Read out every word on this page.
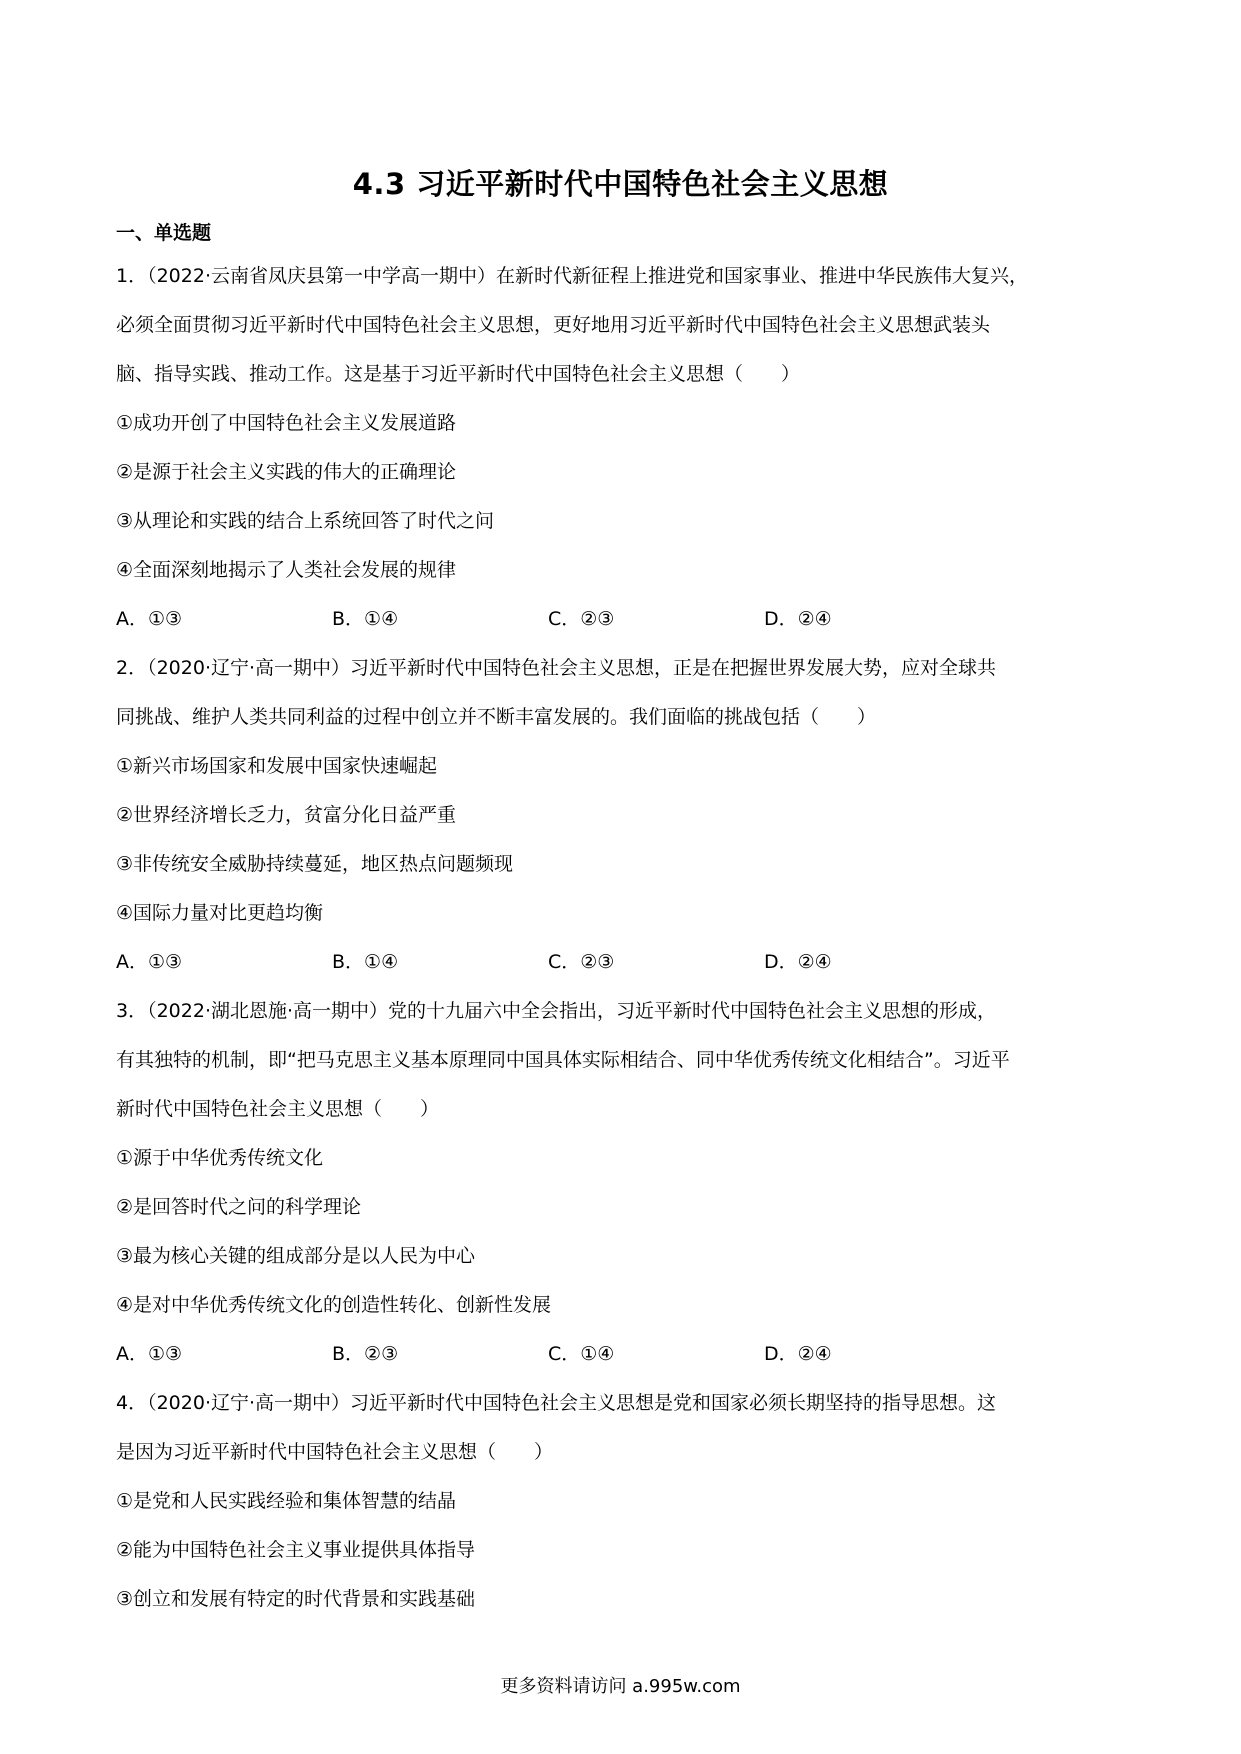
4.3 习近平新时代中国特色社会主义思想
一、单选题
1．（2022·云南省凤庆县第一中学高一期中）在新时代新征程上推进党和国家事业、推进中华民族伟大复兴，
必须全面贯彻习近平新时代中国特色社会主义思想，更好地用习近平新时代中国特色社会主义思想武装头
脑、指导实践、推动工作。这是基于习近平新时代中国特色社会主义思想（　　）
①成功开创了中国特色社会主义发展道路
②是源于社会主义实践的伟大的正确理论
③从理论和实践的结合上系统回答了时代之问
④全面深刻地揭示了人类社会发展的规律
A．①③	B．①④	C．②③	D．②④
2．（2020·辽宁·高一期中）习近平新时代中国特色社会主义思想，正是在把握世界发展大势，应对全球共
同挑战、维护人类共同利益的过程中创立并不断丰富发展的。我们面临的挑战包括（　　）
①新兴市场国家和发展中国家快速崛起
②世界经济增长乏力，贫富分化日益严重
③非传统安全威胁持续蔓延，地区热点问题频现
④国际力量对比更趋均衡
A．①③	B．①④	C．②③	D．②④
3．（2022·湖北恩施·高一期中）党的十九届六中全会指出，习近平新时代中国特色社会主义思想的形成，
有其独特的机制，即“把马克思主义基本原理同中国具体实际相结合、同中华优秀传统文化相结合”。习近平
新时代中国特色社会主义思想（　　）
①源于中华优秀传统文化
②是回答时代之问的科学理论
③最为核心关键的组成部分是以人民为中心
④是对中华优秀传统文化的创造性转化、创新性发展
A．①③	B．②③	C．①④	D．②④
4．（2020·辽宁·高一期中）习近平新时代中国特色社会主义思想是党和国家必须长期坚持的指导思想。这
是因为习近平新时代中国特色社会主义思想（　　）
①是党和人民实践经验和集体智慧的结晶
②能为中国特色社会主义事业提供具体指导
③创立和发展有特定的时代背景和实践基础
更多资料请访问 a.995w.com
